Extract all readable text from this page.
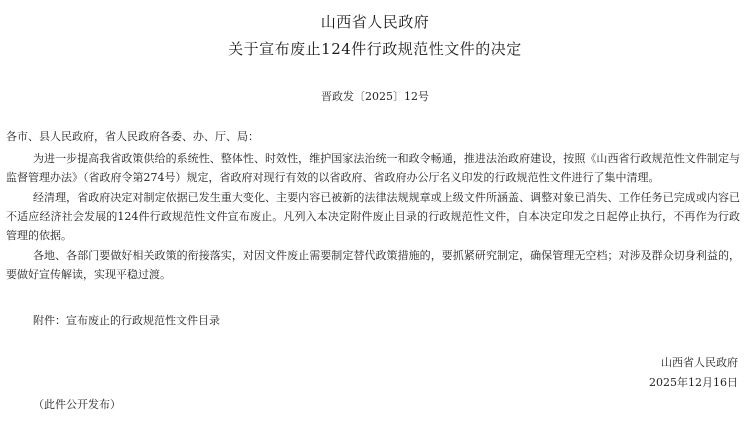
山西省人民政府
关于宣布废止124件行政规范性文件的决定
晋政发〔2025〕12号
各市、县人民政府，省人民政府各委、办、厅、局：

为进一步提高我省政策供给的系统性、整体性、时效性，维护国家法治统一和政令畅通，推进法治政府建设，按照《山西省行政规范性文件制定与监督管理办法》（省政府令第274号）规定，省政府对现行有效的以省政府、省政府办公厅名义印发的行政规范性文件进行了集中清理。

经清理，省政府决定对制定依据已发生重大变化、主要内容已被新的法律法规规章或上级文件所涵盖、调整对象已消失、工作任务已完成或内容已不适应经济社会发展的124件行政规范性文件宣布废止。凡列入本决定附件废止目录的行政规范性文件，自本决定印发之日起停止执行，不再作为行政管理的依据。

各地、各部门要做好相关政策的衔接落实，对因文件废止需要制定替代政策措施的，要抓紧研究制定，确保管理无空档；对涉及群众切身利益的，要做好宣传解读，实现平稳过渡。

附件：宣布废止的行政规范性文件目录
山西省人民政府
2025年12月16日
（此件公开发布）
